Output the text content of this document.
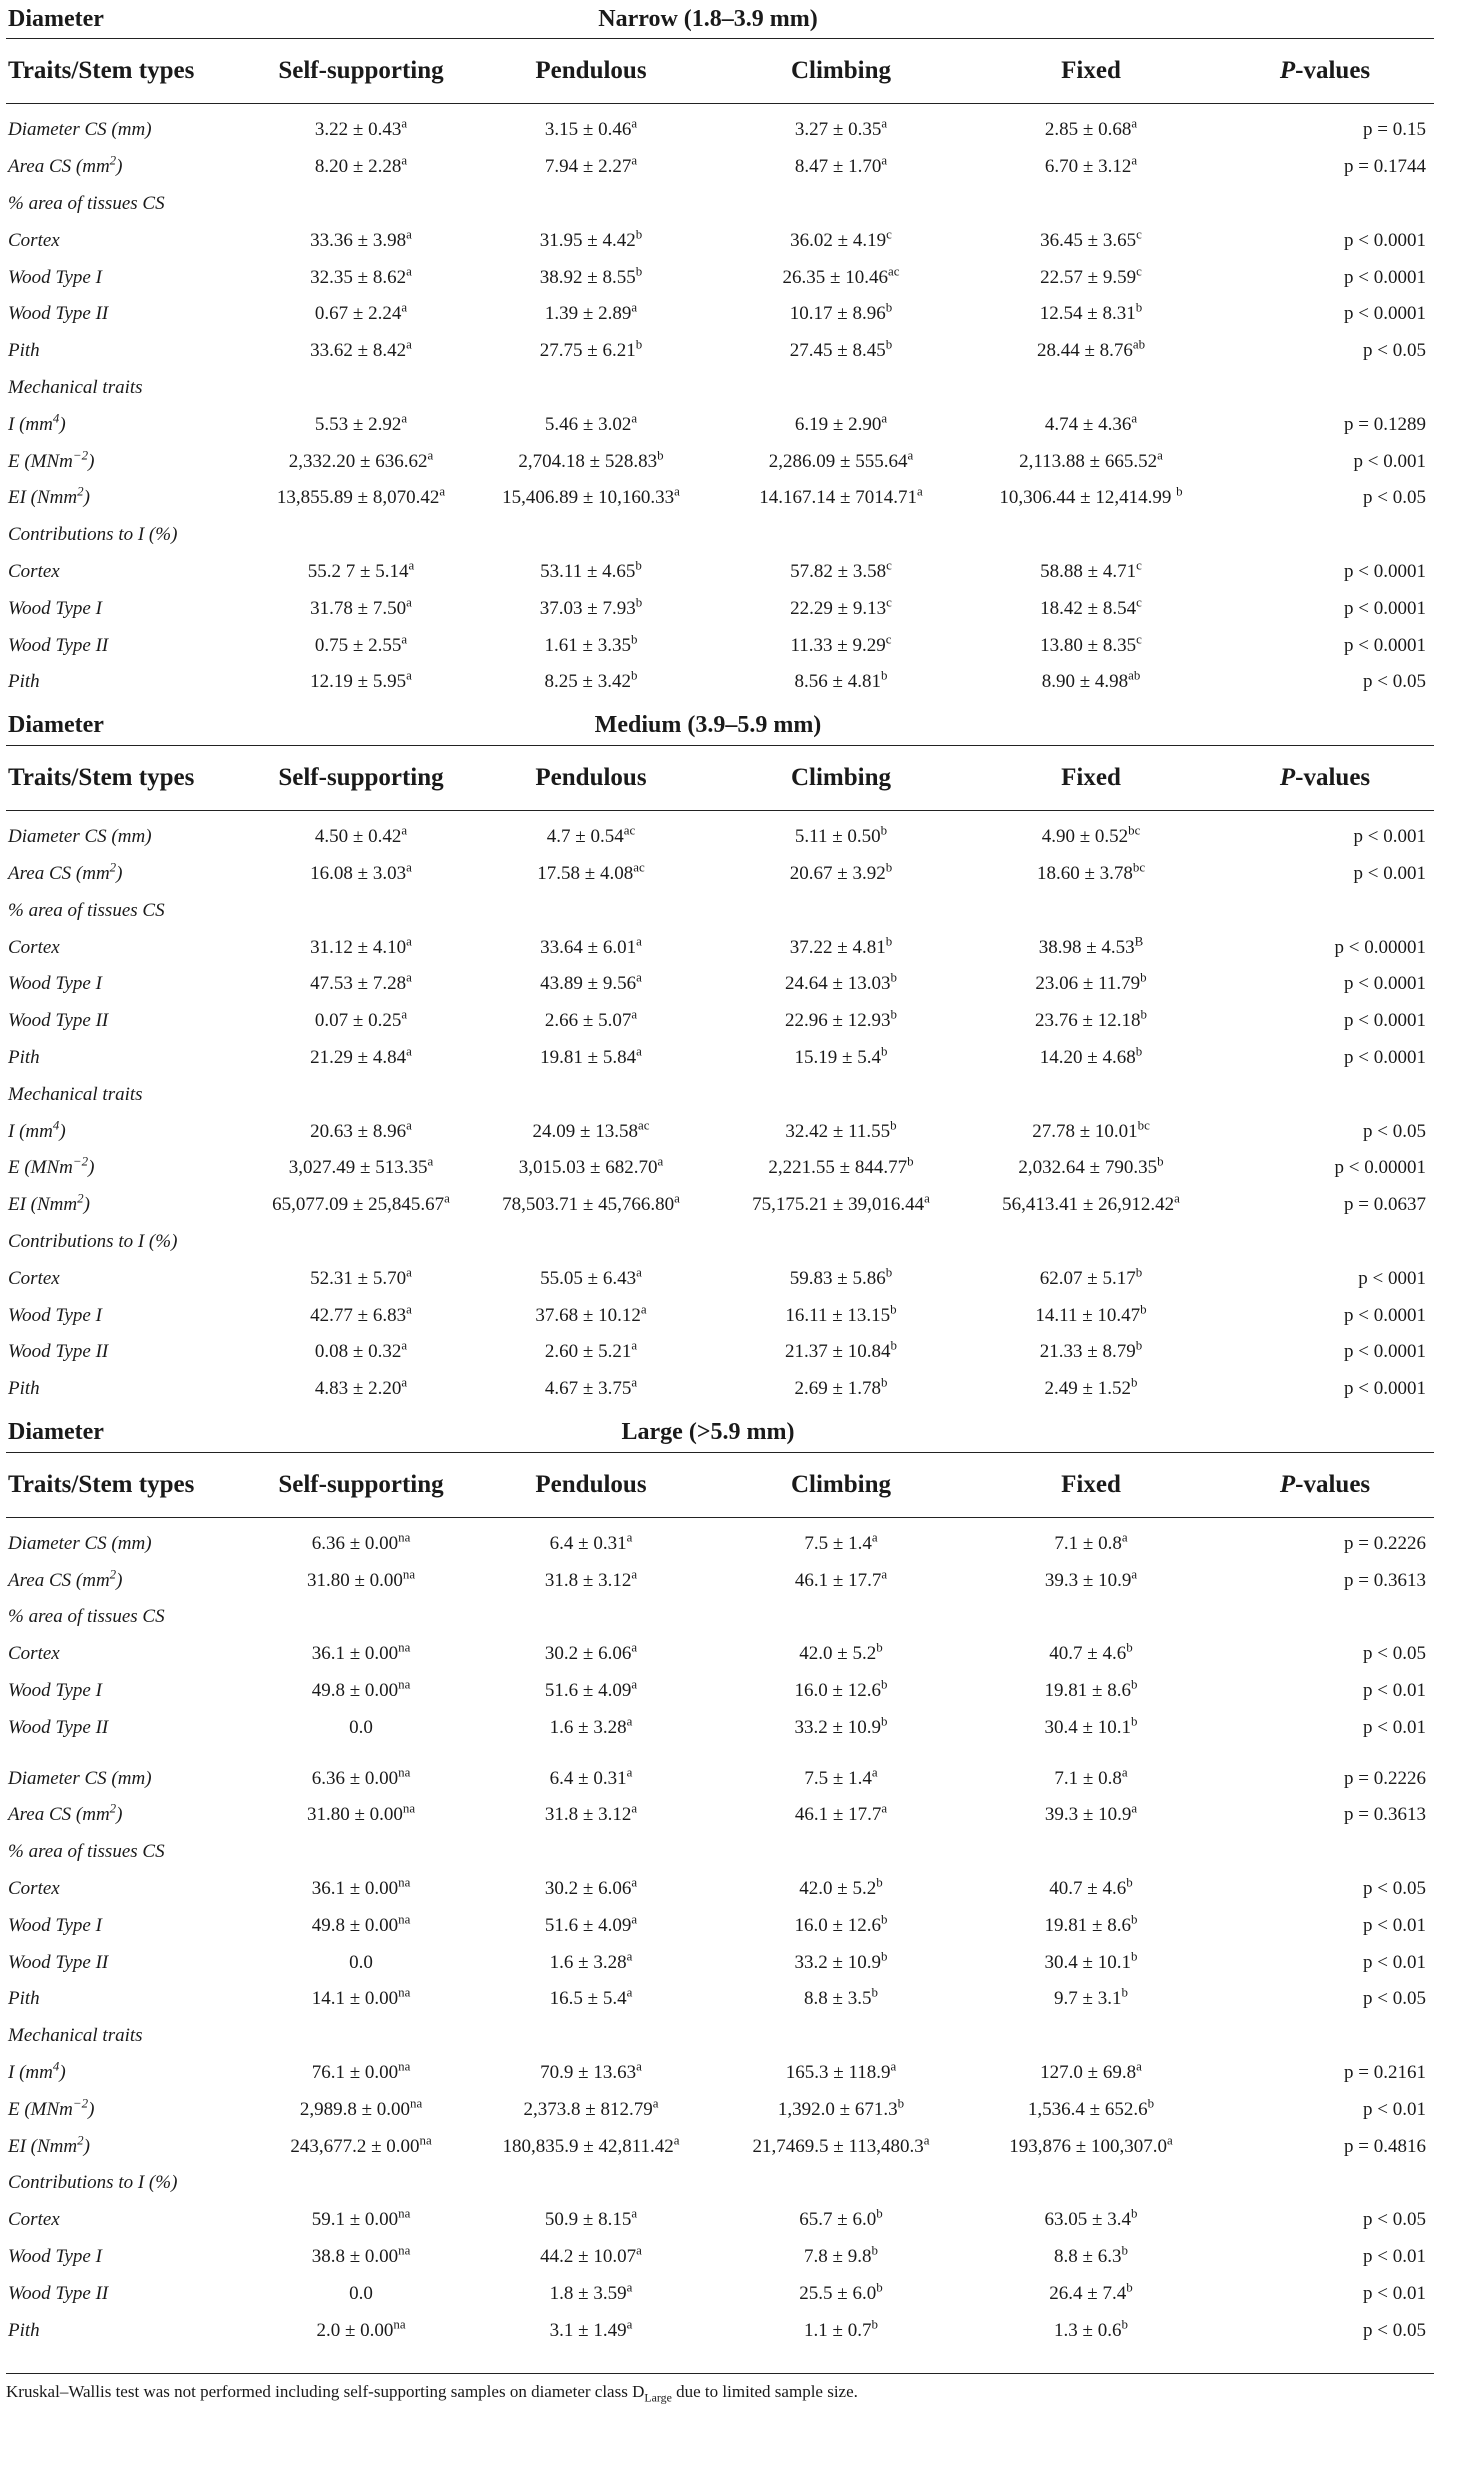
Diameter	Narrow (1.8–3.9 mm)
Traits/Stem types	Self-supporting	Pendulous	Climbing	Fixed	P-values
Diameter CS (mm)	3.22 ± 0.43$^a$	3.15 ± 0.46$^a$	3.27 ± 0.35$^a$	2.85 ± 0.68$^a$	p = 0.15
Area CS $(mm^2)$	8.20 ± 2.28$^a$	7.94 ± 2.27$^a$	8.47 ± 1.70$^a$	6.70 ± 3.12$^a$	p = 0.1744
% area of tissues CS
Cortex	33.36 ± 3.98$^a$	31.95 ± 4.42$^b$	36.02 ± 4.19$^c$	36.45 ± 3.65$^c$	p < 0.0001
Wood Type I	32.35 ± 8.62$^a$	38.92 ± 8.55$^b$	26.35 ± 10.46$^{ac}$	22.57 ± 9.59$^c$	p < 0.0001
Wood Type II	0.67 ± 2.24$^a$	1.39 ± 2.89$^a$	10.17 ± 8.96$^b$	12.54 ± 8.31$^b$	p < 0.0001
Pith	33.62 ± 8.42$^a$	27.75 ± 6.21$^b$	27.45 ± 8.45$^b$	28.44 ± 8.76$^{ab}$	p < 0.05
Mechanical traits
I $(mm^4)$	5.53 ± 2.92$^a$	5.46 ± 3.02$^a$	6.19 ± 2.90$^a$	4.74 ± 4.36$^a$	p = 0.1289
E (MNm$^{-2}$)	2,332.20 ± 636.62$^a$	2,704.18 ± 528.83$^b$	2,286.09 ± 555.64$^a$	2,113.88 ± 665.52$^a$	p < 0.001
EI (Nmm$^2$)	13,855.89 ± 8,070.42$^a$	15,406.89 ± 10,160.33$^a$	14.167.14 ± 7014.71$^a$	10,306.44 ± 12,414.99 $^b$	p < 0.05
Contributions to I (%)
Cortex	55.2 7 ± 5.14$^a$	53.11 ± 4.65$^b$	57.82 ± 3.58$^c$	58.88 ± 4.71$^c$	p < 0.0001
Wood Type I	31.78 ± 7.50$^a$	37.03 ± 7.93$^b$	22.29 ± 9.13$^c$	18.42 ± 8.54$^c$	p < 0.0001
Wood Type II	0.75 ± 2.55$^a$	1.61 ± 3.35$^b$	11.33 ± 9.29$^c$	13.80 ± 8.35$^c$	p < 0.0001
Pith	12.19 ± 5.95$^a$	8.25 ± 3.42$^b$	8.56 ± 4.81$^b$	8.90 ± 4.98$^{ab}$	p < 0.05
Diameter	Medium (3.9–5.9 mm)
Traits/Stem types	Self-supporting	Pendulous	Climbing	Fixed	P-values
Diameter CS (mm)	4.50 ± 0.42$^a$	4.7 ± 0.54$^{ac}$	5.11 ± 0.50$^b$	4.90 ± 0.52$^{bc}$	p < 0.001
Area CS $(mm^2)$	16.08 ± 3.03$^a$	17.58 ± 4.08$^{ac}$	20.67 ± 3.92$^b$	18.60 ± 3.78$^{bc}$	p < 0.001
% area of tissues CS
Cortex	31.12 ± 4.10$^a$	33.64 ± 6.01$^a$	37.22 ± 4.81$^b$	$38.98 \pm 4.53^B$	p < 0.00001
Wood Type I	47.53 ± 7.28$^a$	43.89 ± 9.56$^a$	24.64 ± 13.03$^b$	23.06 ± 11.79$^b$	p < 0.0001
Wood Type II	0.07 ± 0.25$^a$	2.66 ± 5.07$^a$	22.96 ± 12.93$^b$	23.76 ± 12.18$^b$	p < 0.0001
Pith	21.29 ± 4.84$^a$	19.81 ± 5.84$^a$	15.19 ± 5.4$^b$	14.20 ± 4.68$^b$	p < 0.0001
Mechanical traits
I $(mm^4)$	20.63 ± 8.96$^a$	24.09 ± 13.58$^{ac}$	32.42 ± 11.55$^b$	27.78 ± 10.01$^{bc}$	p < 0.05
E (MNm$^{-2}$)	3,027.49 ± 513.35$^a$	3,015.03 ± 682.70$^a$	2,221.55 ± 844.77$^b$	2,032.64 ± 790.35$^b$	p < 0.00001
EI (Nmm$^2$)	65,077.09 ± 25,845.67$^a$	78,503.71 ± 45,766.80$^a$	75,175.21 ± 39,016.44$^a$	56,413.41 ± 26,912.42$^a$	p = 0.0637
Contributions to I (%)
Cortex	52.31 ± 5.70$^a$	55.05 ± 6.43$^a$	59.83 ± 5.86$^b$	62.07 ± 5.17$^b$	p < 0001
Wood Type I	42.77 ± 6.83$^a$	37.68 ± 10.12$^a$	16.11 ± 13.15$^b$	14.11 ± 10.47$^b$	p < 0.0001
Wood Type II	0.08 ± 0.32$^a$	2.60 ± 5.21$^a$	21.37 ± 10.84$^b$	21.33 ± 8.79$^b$	p < 0.0001
Pith	4.83 ± 2.20$^a$	4.67 ± 3.75$^a$	2.69 ± 1.78$^b$	2.49 ± 1.52$^b$	p < 0.0001
Diameter	Large (>5.9 mm)
Traits/Stem types	Self-supporting	Pendulous	Climbing	Fixed	P-values
Diameter CS (mm)	$6.36 \pm 0.00^{na}$	6.4 ± 0.31$^a$	7.5 ± 1.4$^a$	7.1 ± 0.8$^a$	p = 0.2226
Area CS $(mm^2)$	$31.80 \pm 0.00^{na}$	31.8 ± 3.12$^a$	46.1 ± 17.7$^a$	39.3 ± 10.9$^a$	p = 0.3613
% area of tissues CS
Cortex	$36.1 \pm 0.00^{na}$	30.2 ± 6.06$^a$	42.0 ± 5.2$^b$	40.7 ± 4.6$^b$	p < 0.05
Wood Type I	$49.8 \pm 0.00^{na}$	51.6 ± 4.09$^a$	16.0 ± 12.6$^b$	19.81 ± 8.6$^b$	p < 0.01
Wood Type II	0.0	1.6 ± 3.28$^a$	33.2 ± 10.9$^b$	30.4 ± 10.1$^b$	p < 0.01
Diameter CS (mm)	$6.36 \pm 0.00^{na}$	6.4 ± 0.31$^a$	7.5 ± 1.4$^a$	7.1 ± 0.8$^a$	p = 0.2226
Area CS $(mm^2)$	$31.80 \pm 0.00^{na}$	31.8 ± 3.12$^a$	46.1 ± 17.7$^a$	39.3 ± 10.9$^a$	p = 0.3613
% area of tissues CS
Cortex	$36.1 \pm 0.00^{na}$	30.2 ± 6.06$^a$	42.0 ± 5.2$^b$	40.7 ± 4.6$^b$	p < 0.05
Wood Type I	$49.8 \pm 0.00^{na}$	51.6 ± 4.09$^a$	16.0 ± 12.6$^b$	19.81 ± 8.6$^b$	p < 0.01
Wood Type II	0.0	1.6 ± 3.28$^a$	33.2 ± 10.9$^b$	30.4 ± 10.1$^b$	p < 0.01
Pith	$14.1 \pm 0.00^{na}$	16.5 ± 5.4$^a$	8.8 ± 3.5$^b$	9.7 ± 3.1$^b$	p < 0.05
Mechanical traits
I $(mm^4)$	$76.1 \pm 0.00^{na}$	70.9 ± 13.63$^a$	165.3 ± 118.9$^a$	127.0 ± 69.8$^a$	p = 0.2161
E (MNm$^{-2}$)	$2,989.8 \pm 0.00^{na}$	2,373.8 ± 812.79$^a$	1,392.0 ± 671.3$^b$	1,536.4 ± 652.6$^b$	p < 0.01
EI (Nmm$^2$)	$243,677.2 \pm 0.00^{na}$	180,835.9 ± 42,811.42$^a$	21,7469.5 ± 113,480.3$^a$	193,876 ± 100,307.0$^a$	p = 0.4816
Contributions to I (%)
Cortex	$59.1 \pm 0.00^{na}$	50.9 ± 8.15$^a$	65.7 ± 6.0$^b$	63.05 ± 3.4$^b$	p < 0.05
Wood Type I	$38.8 \pm 0.00^{na}$	44.2 ± 10.07$^a$	7.8 ± 9.8$^b$	8.8 ± 6.3$^b$	p < 0.01
Wood Type II	0.0	1.8 ± 3.59$^a$	25.5 ± 6.0$^b$	26.4 ± 7.4$^b$	p < 0.01
Pith	$2.0 \pm 0.00^{na}$	3.1 ± 1.49$^a$	1.1 ± 0.7$^b$	1.3 ± 0.6$^b$	p < 0.05
Kruskal–Wallis test was not performed including self-supporting samples on diameter class $D_{Large}$ due to limited sample size.
